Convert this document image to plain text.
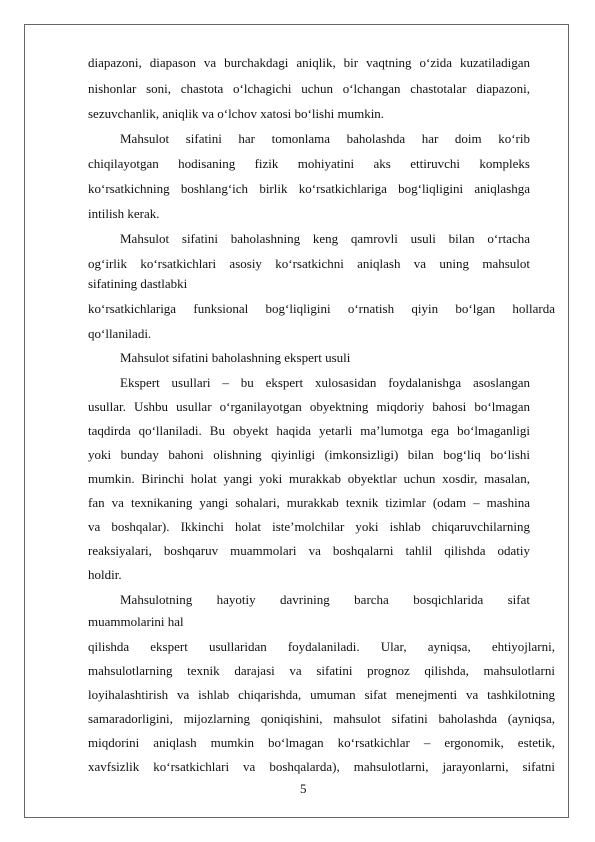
diapazoni, diapason va burchakdagi aniqlik, bir vaqtning o‘zida kuzatiladigan
nishonlar soni, chastota o‘lchagichi uchun o‘lchangan chastotalar diapazoni,
sezuvchanlik, aniqlik va o‘lchov xatosi bo‘lishi mumkin.
Mahsulot sifatini har tomonlama baholashda har doim ko‘rib
chiqilayotgan hodisaning fizik mohiyatini aks ettiruvchi kompleks
ko‘rsatkichning boshlang‘ich birlik ko‘rsatkichlariga bog‘liqligini aniqlashga
intilish kerak.
Mahsulot sifatini baholashning keng qamrovli usuli bilan o‘rtacha
og‘irlik ko‘rsatkichlari asosiy ko‘rsatkichni aniqlash va uning mahsulot
sifatining dastlabki
ko‘rsatkichlariga funksional bog‘liqligini o‘rnatish qiyin bo‘lgan hollarda
qo‘llaniladi.
Mahsulot sifatini baholashning ekspert usuli
Ekspert usullari – bu ekspert xulosasidan foydalanishga asoslangan
usullar. Ushbu usullar o‘rganilayotgan obyektning miqdoriy bahosi bo‘lmagan
taqdirda qo‘llaniladi. Bu obyekt haqida yetarli ma’lumotga ega bo‘lmaganligi
yoki bunday bahoni olishning qiyinligi (imkonsizligi) bilan bog‘liq bo‘lishi
mumkin. Birinchi holat yangi yoki murakkab obyektlar uchun xosdir, masalan,
fan va texnikaning yangi sohalari, murakkab texnik tizimlar (odam – mashina
va boshqalar). Ikkinchi holat iste’molchilar yoki ishlab chiqaruvchilarning
reaksiyalari, boshqaruv muammolari va boshqalarni tahlil qilishda odatiy
holdir.
Mahsulotning hayotiy davrining barcha bosqichlarida sifat
muammolarini hal
qilishda ekspert usullaridan foydalaniladi. Ular, ayniqsa, ehtiyojlarni,
mahsulotlarning texnik darajasi va sifatini prognoz qilishda, mahsulotlarni
loyihalashtirish va ishlab chiqarishda, umuman sifat menejmenti va tashkilotning
samaradorligini, mijozlarning qoniqishini, mahsulot sifatini baholashda (ayniqsa,
miqdorini aniqlash mumkin bo‘lmagan ko‘rsatkichlar – ergonomik, estetik,
xavfsizlik ko‘rsatkichlari va boshqalarda), mahsulotlarni, jarayonlarni, sifatni
5
